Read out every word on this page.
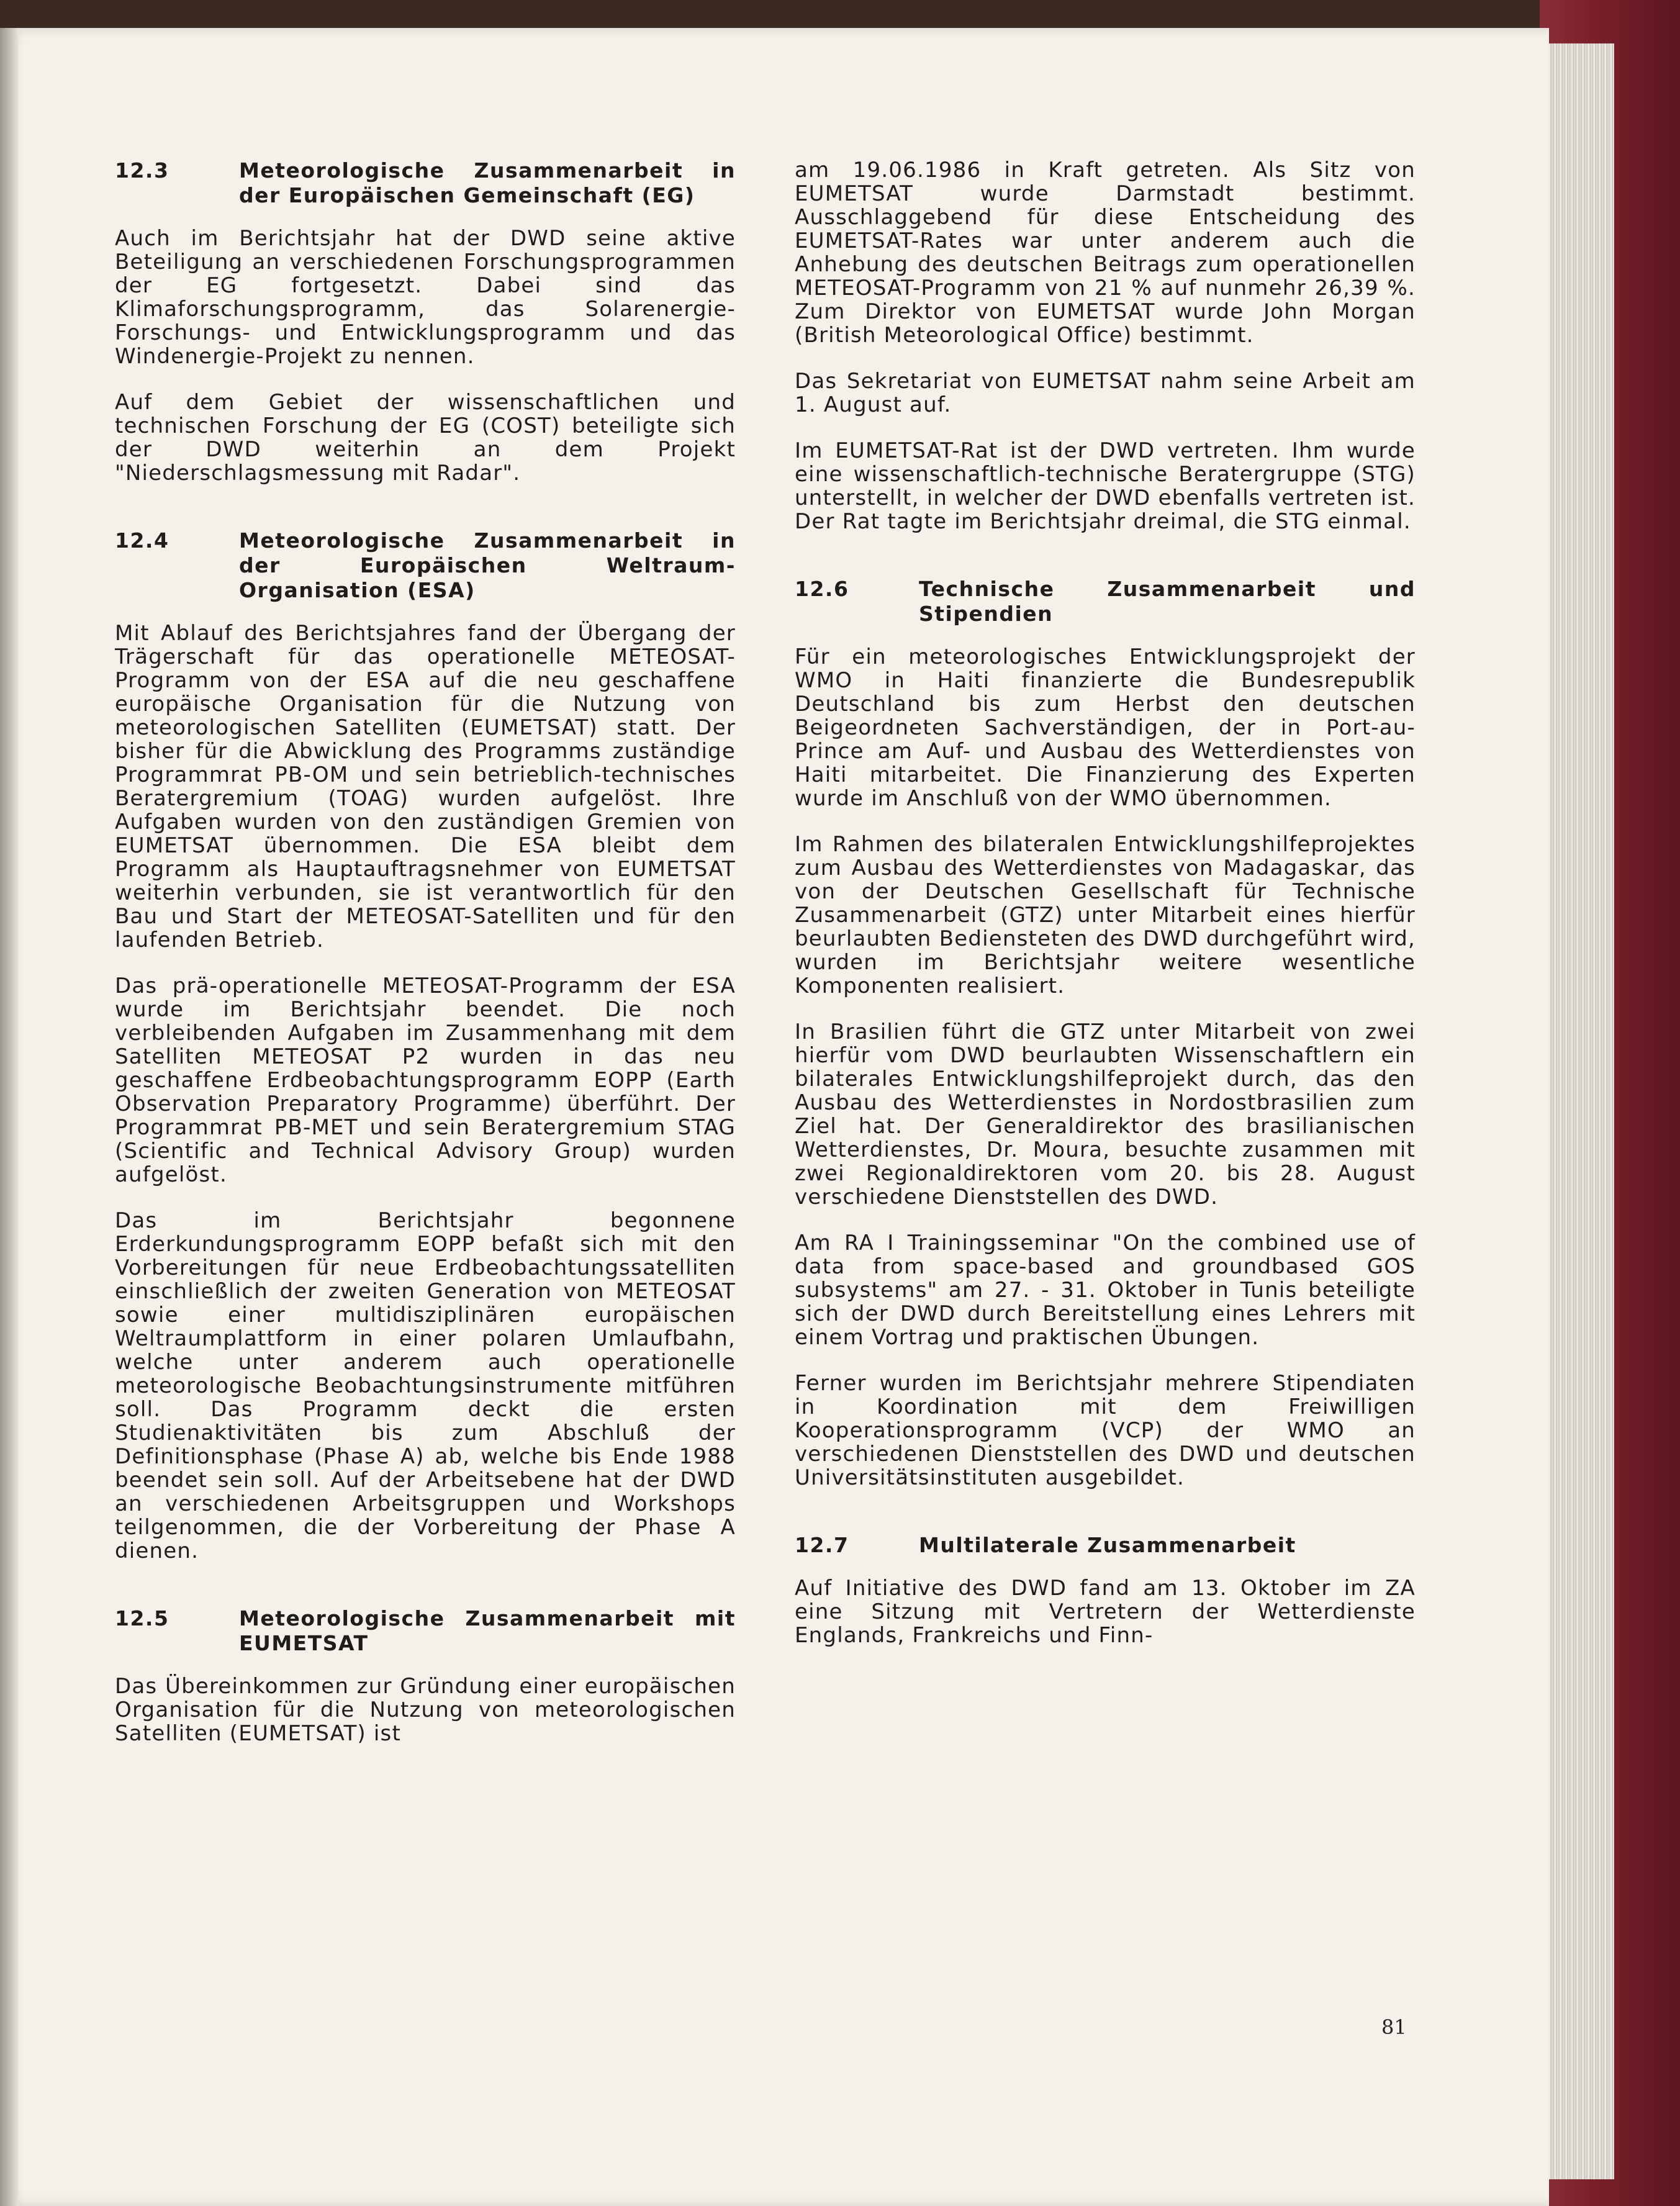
12.3	Meteorologische Zusammenarbeit in der Europäischen Gemeinschaft (EG)

Auch im Berichtsjahr hat der DWD seine aktive Beteiligung an verschiedenen Forschungsprogrammen der EG fortgesetzt. Dabei sind das Klimaforschungsprogramm, das Solarenergie-Forschungs- und Entwicklungsprogramm und das Windenergie-Projekt zu nennen.

Auf dem Gebiet der wissenschaftlichen und technischen Forschung der EG (COST) beteiligte sich der DWD weiterhin an dem Projekt "Niederschlagsmessung mit Radar".

12.4	Meteorologische Zusammenarbeit in der Europäischen Weltraum-Organisation (ESA)

Mit Ablauf des Berichtsjahres fand der Übergang der Trägerschaft für das operationelle METEOSAT-Programm von der ESA auf die neu geschaffene europäische Organisation für die Nutzung von meteorologischen Satelliten (EUMETSAT) statt. Der bisher für die Abwicklung des Programms zuständige Programmrat PB-OM und sein betrieblich-technisches Beratergremium (TOAG) wurden aufgelöst. Ihre Aufgaben wurden von den zuständigen Gremien von EUMETSAT übernommen. Die ESA bleibt dem Programm als Hauptauftragsnehmer von EUMETSAT weiterhin verbunden, sie ist verantwortlich für den Bau und Start der METEOSAT-Satelliten und für den laufenden Betrieb.

Das prä-operationelle METEOSAT-Programm der ESA wurde im Berichtsjahr beendet. Die noch verbleibenden Aufgaben im Zusammenhang mit dem Satelliten METEOSAT P2 wurden in das neu geschaffene Erdbeobachtungsprogramm EOPP (Earth Observation Preparatory Programme) überführt. Der Programmrat PB-MET und sein Beratergremium STAG (Scientific and Technical Advisory Group) wurden aufgelöst.

Das im Berichtsjahr begonnene Erderkundungsprogramm EOPP befaßt sich mit den Vorbereitungen für neue Erdbeobachtungssatelliten einschließlich der zweiten Generation von METEOSAT sowie einer multidisziplinären europäischen Weltraumplattform in einer polaren Umlaufbahn, welche unter anderem auch operationelle meteorologische Beobachtungsinstrumente mitführen soll. Das Programm deckt die ersten Studienaktivitäten bis zum Abschluß der Definitionsphase (Phase A) ab, welche bis Ende 1988 beendet sein soll. Auf der Arbeitsebene hat der DWD an verschiedenen Arbeitsgruppen und Workshops teilgenommen, die der Vorbereitung der Phase A dienen.

12.5	Meteorologische Zusammenarbeit mit EUMETSAT

Das Übereinkommen zur Gründung einer europäischen Organisation für die Nutzung von meteorologischen Satelliten (EUMETSAT) ist

am 19.06.1986 in Kraft getreten. Als Sitz von EUMETSAT wurde Darmstadt bestimmt. Ausschlaggebend für diese Entscheidung des EUMETSAT-Rates war unter anderem auch die Anhebung des deutschen Beitrags zum operationellen METEOSAT-Programm von 21 % auf nunmehr 26,39 %. Zum Direktor von EUMETSAT wurde John Morgan (British Meteorological Office) bestimmt.

Das Sekretariat von EUMETSAT nahm seine Arbeit am 1. August auf.

Im EUMETSAT-Rat ist der DWD vertreten. Ihm wurde eine wissenschaftlich-technische Beratergruppe (STG) unterstellt, in welcher der DWD ebenfalls vertreten ist. Der Rat tagte im Berichtsjahr dreimal, die STG einmal.

12.6	Technische Zusammenarbeit und Stipendien

Für ein meteorologisches Entwicklungsprojekt der WMO in Haiti finanzierte die Bundesrepublik Deutschland bis zum Herbst den deutschen Beigeordneten Sachverständigen, der in Port-au-Prince am Auf- und Ausbau des Wetterdienstes von Haiti mitarbeitet. Die Finanzierung des Experten wurde im Anschluß von der WMO übernommen.

Im Rahmen des bilateralen Entwicklungshilfeprojektes zum Ausbau des Wetterdienstes von Madagaskar, das von der Deutschen Gesellschaft für Technische Zusammenarbeit (GTZ) unter Mitarbeit eines hierfür beurlaubten Bediensteten des DWD durchgeführt wird, wurden im Berichtsjahr weitere wesentliche Komponenten realisiert.

In Brasilien führt die GTZ unter Mitarbeit von zwei hierfür vom DWD beurlaubten Wissenschaftlern ein bilaterales Entwicklungshilfeprojekt durch, das den Ausbau des Wetterdienstes in Nordostbrasilien zum Ziel hat. Der Generaldirektor des brasilianischen Wetterdienstes, Dr. Moura, besuchte zusammen mit zwei Regionaldirektoren vom 20. bis 28. August verschiedene Dienststellen des DWD.

Am RA I Trainingsseminar "On the combined use of data from space-based and groundbased GOS subsystems" am 27. - 31. Oktober in Tunis beteiligte sich der DWD durch Bereitstellung eines Lehrers mit einem Vortrag und praktischen Übungen.

Ferner wurden im Berichtsjahr mehrere Stipendiaten in Koordination mit dem Freiwilligen Kooperationsprogramm (VCP) der WMO an verschiedenen Dienststellen des DWD und deutschen Universitätsinstituten ausgebildet.

12.7	Multilaterale Zusammenarbeit

Auf Initiative des DWD fand am 13. Oktober im ZA eine Sitzung mit Vertretern der Wetterdienste Englands, Frankreichs und Finn-

81
